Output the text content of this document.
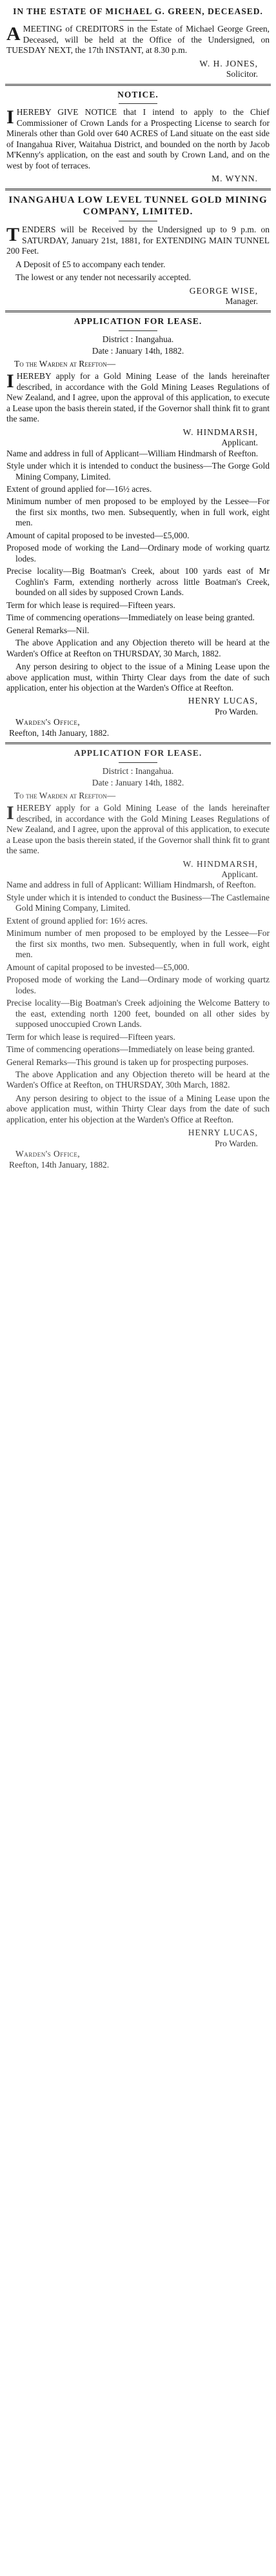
IN THE ESTATE OF MICHAEL G. GREEN, DECEASED.

A MEETING of CREDITORS in the Estate of Michael George Green, Deceased, will be held at the Office of the Undersigned, on TUESDAY NEXT, the 17th INSTANT, at 8.30 p.m.

W. H. JONES,
Solicitor.
NOTICE.

I HEREBY GIVE NOTICE that I intend to apply to the Chief Commissioner of Crown Lands for a Prospecting License to search for Minerals other than Gold over 640 ACRES of Land situate on the east side of Inangahua River, Waitahua District, and bounded on the north by Jacob M'Kenny's application, on the east and south by Crown Land, and on the west by foot of terraces.

M. WYNN.
INANGAHUA LOW LEVEL TUNNEL GOLD MINING COMPANY, LIMITED.

T ENDERS will be Received by the Undersigned up to 9 p.m. on SATURDAY, January 21st, 1881, for EXTENDING MAIN TUNNEL 200 Feet.

A Deposit of £5 to accompany each tender.

The lowest or any tender not necessarily accepted.

GEORGE WISE,
Manager.
APPLICATION FOR LEASE.
District : Inangahua.
Date : January 14th, 1882.
To the Warden at Reefton—

I HEREBY apply for a Gold Mining Lease of the lands hereinafter described, in accordance with the Gold Mining Leases Regulations of New Zealand, and I agree, upon the approval of this application, to execute a Lease upon the basis therein stated, if the Governor shall think fit to grant the same.

W. HINDMARSH,
Applicant.

Name and address in full of Applicant—William Hindmarsh of Reefton.

Style under which it is intended to conduct the business—The Gorge Gold Mining Company, Limited.

Extent of ground applied for—16½ acres.

Minimum number of men proposed to be employed by the Lessee—For the first six months, two men. Subsequently, when in full work, eight men.

Amount of capital proposed to be invested—£5,000.

Proposed mode of working the Land—Ordinary mode of working quartz lodes.

Precise locality—Big Boatman's Creek, about 100 yards east of Mr Coghlin's Farm, extending northerly across little Boatman's Creek, bounded on all sides by supposed Crown Lands.

Term for which lease is required—Fifteen years.

Time of commencing operations—Immediately on lease being granted.

General Remarks—Nil.

The above Application and any Objection thereto will be heard at the Warden's Office at Reefton on THURSDAY, 30 March, 1882.

Any person desiring to object to the issue of a Mining Lease upon the above application must, within Thirty Clear days from the date of such application, enter his objection at the Warden's Office at Reefton.

HENRY LUCAS,
Pro Warden.
Warden's Office,
Reefton, 14th January, 1882.
APPLICATION FOR LEASE.
District : Inangahua.
Date : January 14th, 1882.
To the Warden at Reefton—

I HEREBY apply for a Gold Mining Lease of the lands hereinafter described, in accordance with the Gold Mining Leases Regulations of New Zealand, and I agree, upon the approval of this application, to execute a Lease upon the basis therein stated, if the Governor shall think fit to grant the same.

W. HINDMARSH,
Applicant.

Name and address in full of Applicant: William Hindmarsh, of Reefton.

Style under which it is intended to conduct the Business—The Castlemaine Gold Mining Company, Limited.

Extent of ground applied for: 16½ acres.

Minimum number of men proposed to be employed by the Lessee—For the first six months, two men. Subsequently, when in full work, eight men.

Amount of capital proposed to be invested—£5,000.

Proposed mode of working the Land—Ordinary mode of working quartz lodes.

Precise locality—Big Boatman's Creek adjoining the Welcome Battery to the east, extending north 1200 feet, bounded on all other sides by supposed unoccupied Crown Lands.

Term for which lease is required—Fifteen years.

Time of commencing operations—Immediately on lease being granted.

General Remarks—This ground is taken up for prospecting purposes.

The above Application and any Objection thereto will be heard at the Warden's Office at Reefton, on THURSDAY, 30th March, 1882.

Any person desiring to object to the issue of a Mining Lease upon the above application must, within Thirty Clear days from the date of such application, enter his objection at the Warden's Office at Reefton.

HENRY LUCAS,
Pro Warden.
Warden's Office,
Reefton, 14th January, 1882.
